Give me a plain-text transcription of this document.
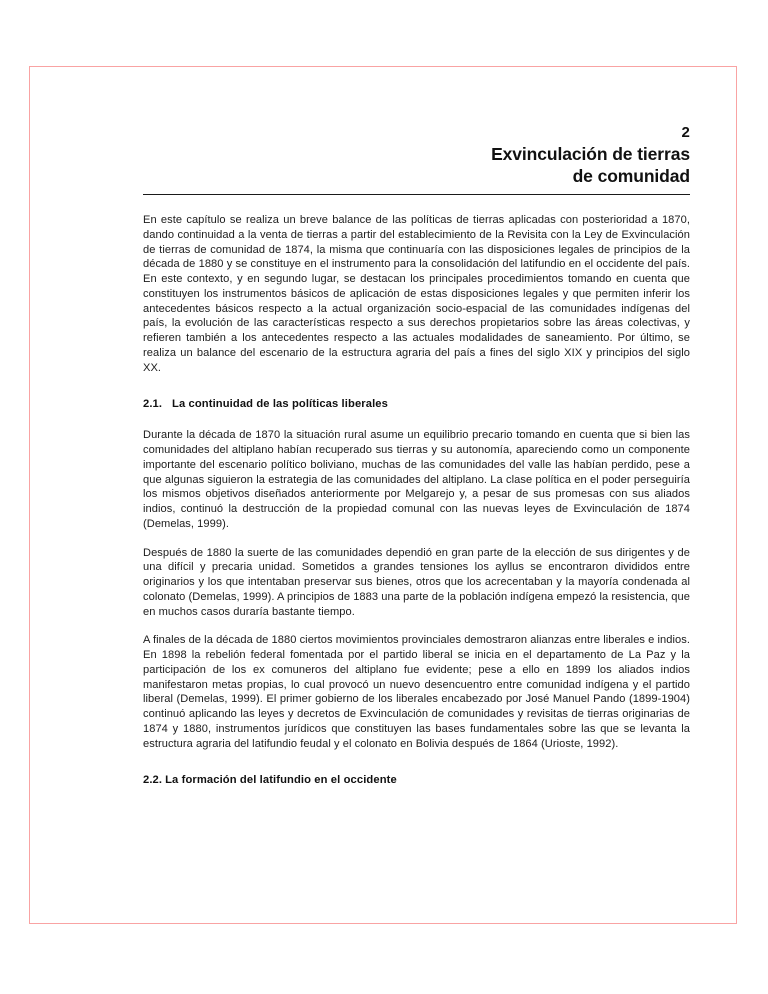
2
Exvinculación de tierras
de comunidad

En este capítulo se realiza un breve balance de las políticas de tierras aplicadas con posterioridad a 1870, dando continuidad a la venta de tierras a partir del establecimiento de la Revisita con la Ley de Exvinculación de tierras de comunidad de 1874, la misma que continuaría con las disposiciones legales de principios de la década de 1880 y se constituye en el instrumento para la consolidación del latifundio en el occidente del país. En este contexto, y en segundo lugar, se destacan los principales procedimientos tomando en cuenta que constituyen los instrumentos básicos de aplicación de estas disposiciones legales y que permiten inferir los antecedentes básicos respecto a la actual organización socio-espacial de las comunidades indígenas del país, la evolución de las características respecto a sus derechos propietarios sobre las áreas colectivas, y refieren también a los antecedentes respecto a las actuales modalidades de saneamiento. Por último, se realiza un balance del escenario de la estructura agraria del país a fines del siglo XIX y principios del siglo XX.

2.1. La continuidad de las políticas liberales

Durante la década de 1870 la situación rural asume un equilibrio precario tomando en cuenta que si bien las comunidades del altiplano habían recuperado sus tierras y su autonomía, apareciendo como un componente importante del escenario político boliviano, muchas de las comunidades del valle las habían perdido, pese a que algunas siguieron la estrategia de las comunidades del altiplano. La clase política en el poder perseguiría los mismos objetivos diseñados anteriormente por Melgarejo y, a pesar de sus promesas con sus aliados indios, continuó la destrucción de la propiedad comunal con las nuevas leyes de Exvinculación de 1874 (Demelas, 1999).

Después de 1880 la suerte de las comunidades dependió en gran parte de la elección de sus dirigentes y de una difícil y precaria unidad. Sometidos a grandes tensiones los ayllus se encontraron divididos entre originarios y los que intentaban preservar sus bienes, otros que los acrecentaban y la mayoría condenada al colonato (Demelas, 1999). A principios de 1883 una parte de la población indígena empezó la resistencia, que en muchos casos duraría bastante tiempo.

A finales de la década de 1880 ciertos movimientos provinciales demostraron alianzas entre liberales e indios. En 1898 la rebelión federal fomentada por el partido liberal se inicia en el departamento de La Paz y la participación de los ex comuneros del altiplano fue evidente; pese a ello en 1899 los aliados indios manifestaron metas propias, lo cual provocó un nuevo desencuentro entre comunidad indígena y el partido liberal (Demelas, 1999). El primer gobierno de los liberales encabezado por José Manuel Pando (1899-1904) continuó aplicando las leyes y decretos de Exvinculación de comunidades y revisitas de tierras originarias de 1874 y 1880, instrumentos jurídicos que constituyen las bases fundamentales sobre las que se levanta la estructura agraria del latifundio feudal y el colonato en Bolivia después de 1864 (Urioste, 1992).

2.2. La formación del latifundio en el occidente
